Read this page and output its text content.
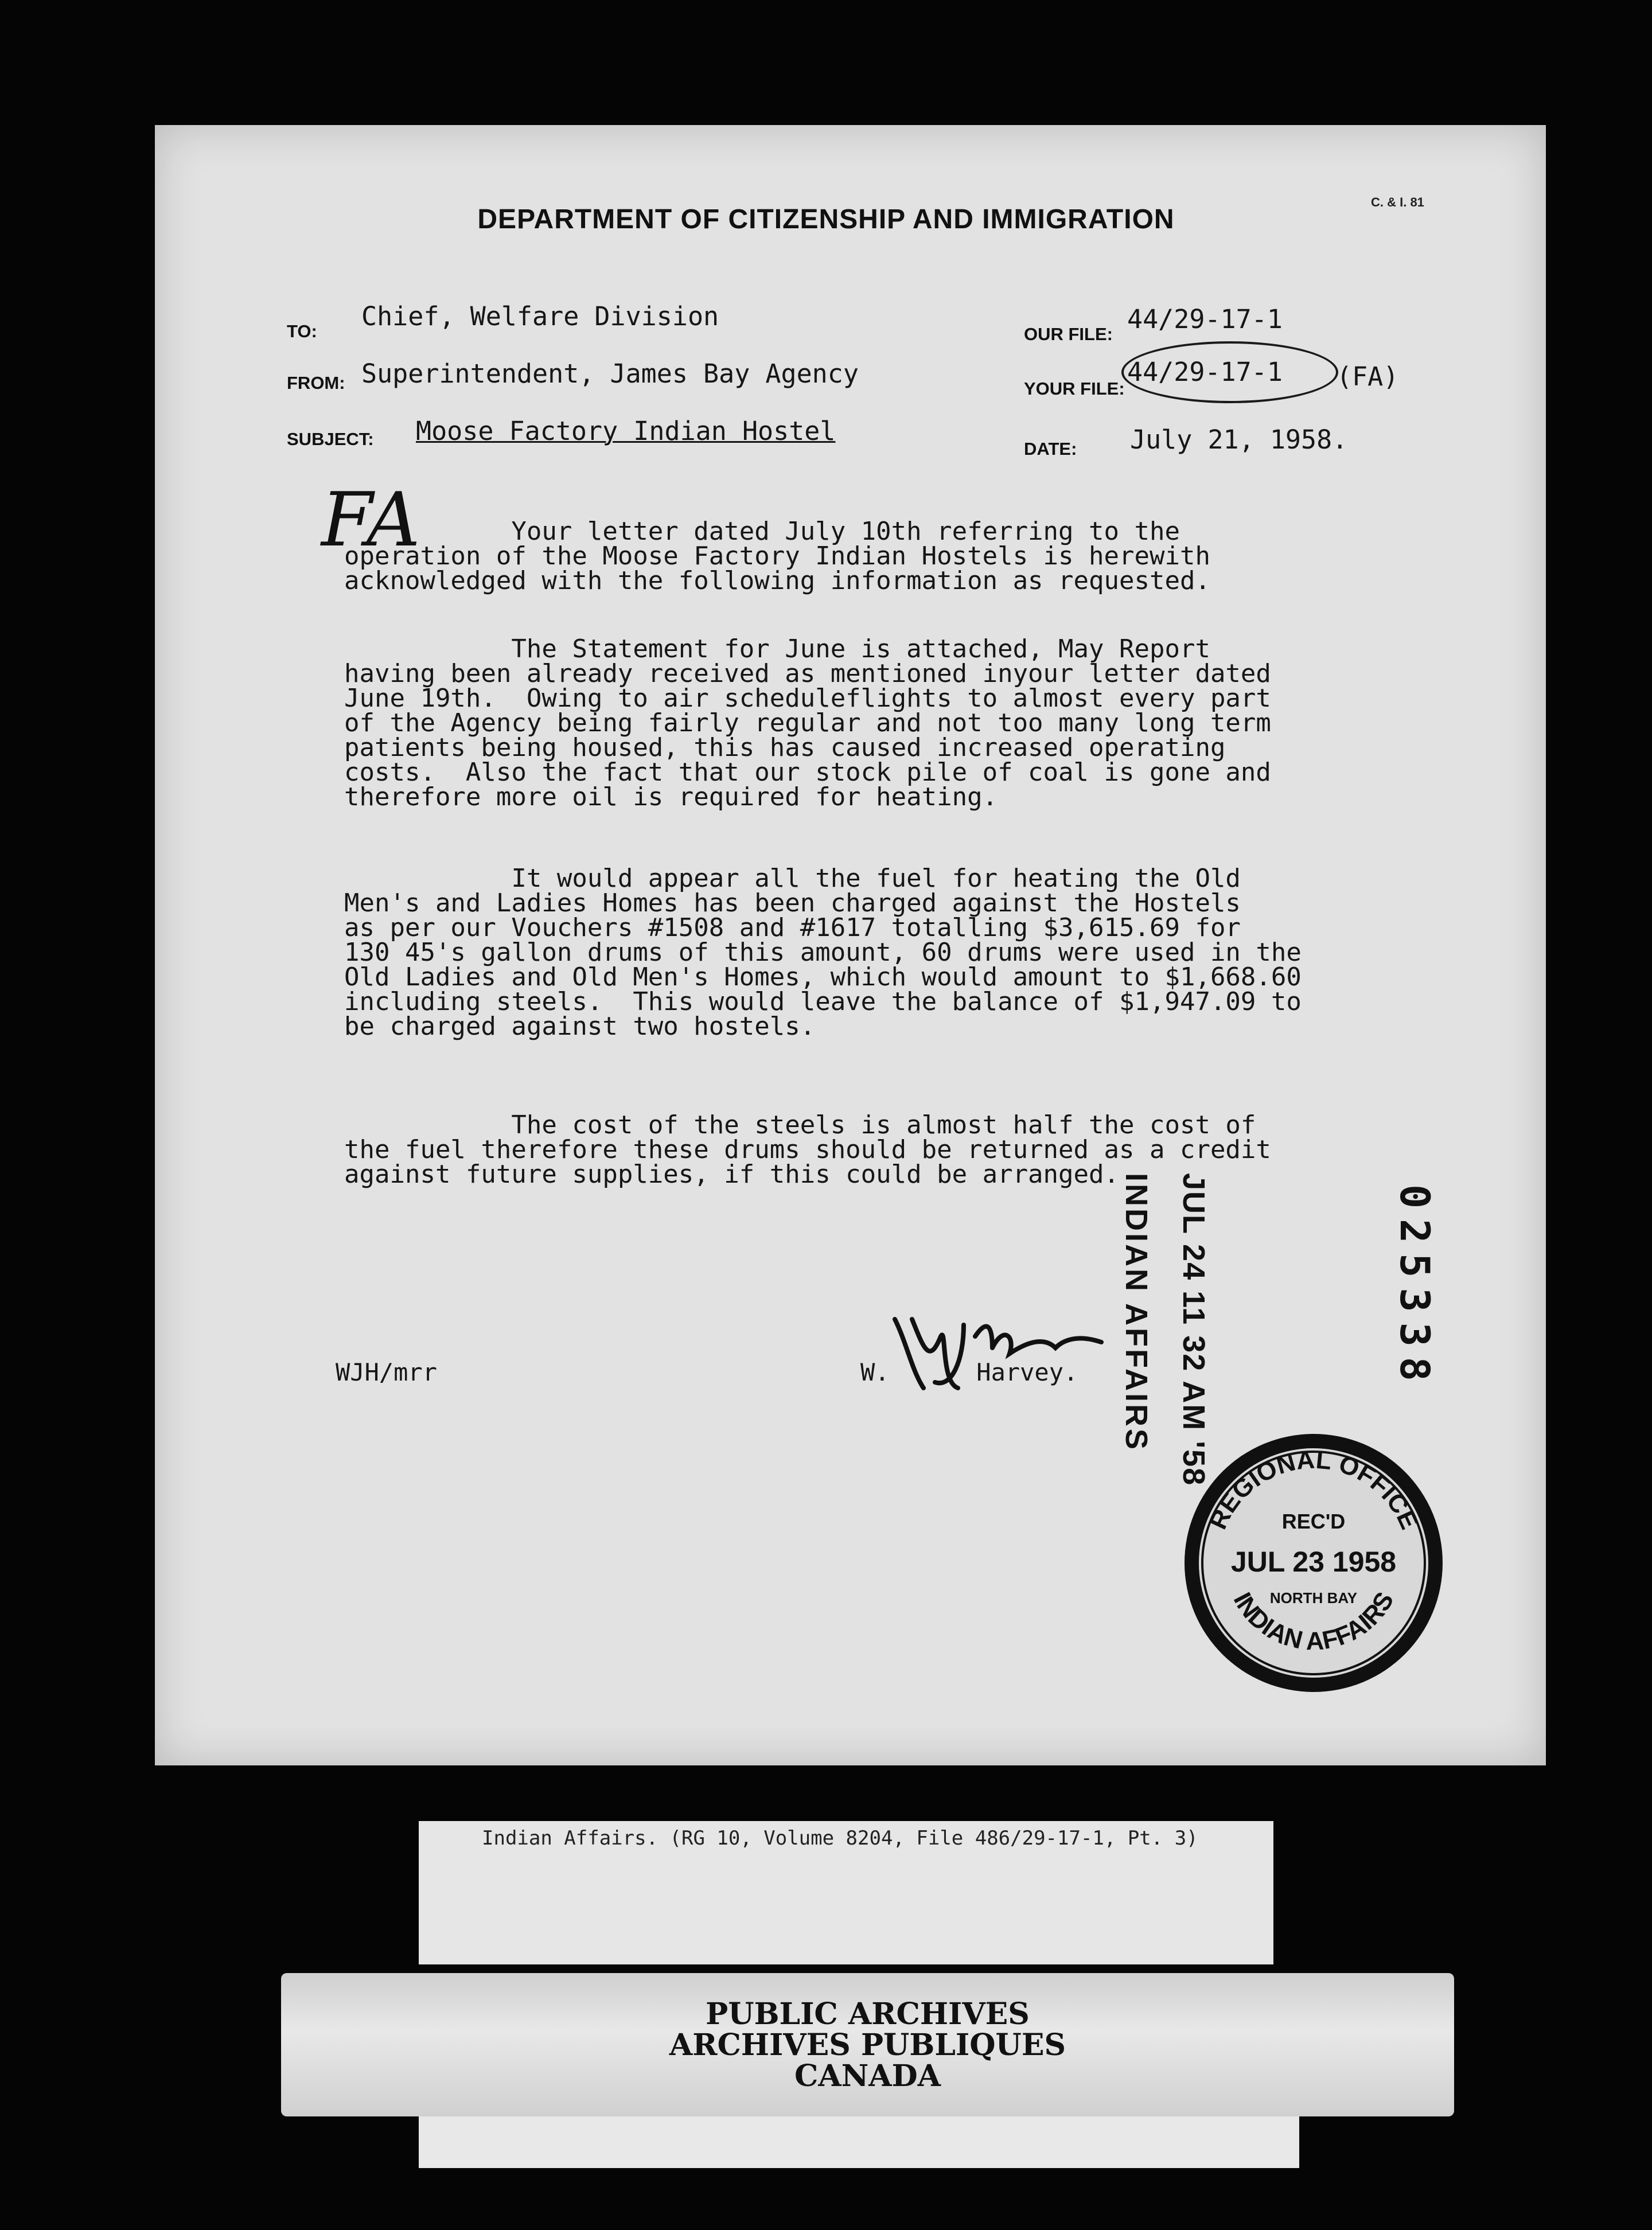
C. & I. 81
DEPARTMENT OF CITIZENSHIP AND IMMIGRATION
TO: Chief, Welfare Division
FROM: Superintendent, James Bay Agency
SUBJECT: Moose Factory Indian Hostel
OUR FILE: 44/29-17-1
YOUR FILE:
44/29-17-1 (FA)
DATE: July 21, 1958.
FA
Your letter dated July 10th referring to the
operation of the Moose Factory Indian Hostels is herewith
acknowledged with the following information as requested.
The Statement for June is attached, May Report
having been already received as mentioned inyour letter dated
June 19th.  Owing to air scheduleflights to almost every part
of the Agency being fairly regular and not too many long term
patients being housed, this has caused increased operating
costs.  Also the fact that our stock pile of coal is gone and
therefore more oil is required for heating.
It would appear all the fuel for heating the Old
Men's and Ladies Homes has been charged against the Hostels
as per our Vouchers #1508 and #1617 totalling $3,615.69 for
130 45's gallon drums of this amount, 60 drums were used in the
Old Ladies and Old Men's Homes, which would amount to $1,668.60
including steels.  This would leave the balance of $1,947.09 to
be charged against two hostels.
The cost of the steels is almost half the cost of
the fuel therefore these drums should be returned as a credit
against future supplies, if this could be arranged.
WJH/mrr	W.      Harvey. INDIAN AFFAIRS JUL 24 11 32 AM '58	025338
REGIONAL OFFICE
INDIAN AFFAIRS
REC'D
JUL 23 1958
NORTH BAY
Indian Affairs. (RG 10, Volume 8204, File 486/29-17-1, Pt. 3)
PUBLIC ARCHIVES
ARCHIVES PUBLIQUES
CANADA
